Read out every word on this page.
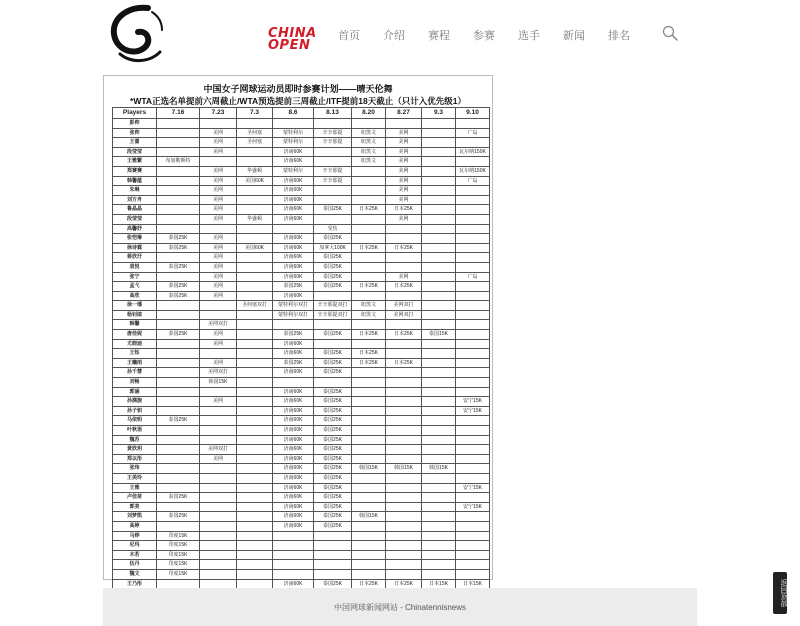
CHINA
OPEN
首页	介绍	赛程	参赛	选手	新闻	排名
中国女子网球运动员即时参赛计划——晴天伦舞
*WTA正选名单提前六周截止/WTA预选提前三周截止/ITF提前18天截止（只计入优先级1）
Players	7.16	7.23	7.3	8.6	8.13	8.20	8.27	9.3	9.10
彭帅									
张帅		美网	圣何塞	蒙特利尔	辛辛那提	纽黑文	美网		广岛
王蔷		美网	圣何塞	蒙特利尔	辛辛那提	纽黑文	美网		
段莹莹		美网		济南60K		纽黑文	美网		瓦尔纳150K
王雅繁	布加勒斯特			济南60K		纽黑文	美网		
郑赛赛		美网	华盛顿	蒙特利尔	辛辛那提		美网		瓦尔纳150K
韩馨蕴		美网	美国60K	济南60K	辛辛那提		美网		广岛
朱琳		美网		济南60K			美网		
刘方舟		美网		济南60K			美网		
鲁晶晶		美网		济南60K	泰国25K	日本25K	日本25K		
段莹莹		美网	华盛顿	济南60K			美网		
高馨妤					受伤				
张恺琳	泰国25K	美网		济南60K	泰国25K				
徐诗霖	泰国25K	美网	美国60K	济南60K	加拿大100K	日本25K	日本25K		
蒋欣玗		美网		济南60K	泰国25K				
袁悦	泰国25K	美网		济南60K	泰国25K				
张宁		美网		济南60K	泰国25K		美网		广岛
孟弋	泰国25K	美网		泰国25K	泰国25K	日本25K	日本25K		
高欣	泰国25K	美网		济南60K					
徐一璠			圣何塞双打	蒙特利尔双打	辛辛那提双打	纽黑文	美网双打		
杨钊煊				蒙特利尔双打	辛辛那提双打	纽黑文	美网双打		
韩馨		美网双打							
唐佳妮	泰国25K	美网		泰国25K	泰国25K	日本25K	日本25K	泰国15K	
尤晓迪		美网		济南60K					
王钰				济南60K	泰国25K	日本25K			
王曦雨		美网		泰国25K	泰国25K	日本25K	日本25K		
孙千慧		美网双打		济南60K	泰国25K				
刘畅		韩国15K							
郭涵				济南60K	泰国25K				
孙旖旎		美网		济南60K	泰国25K				安宁15K
孙子钥				济南60K	泰国25K				安宁15K
马依明	泰国25K			济南60K	泰国25K				
叶秋语				济南60K	泰国25K				
魏苏				济南60K	泰国25K				
黄欣玥		美网双打		济南60K	泰国25K				
郑以彤		美网		济南60K	泰国25K				
张玮				济南60K	泰国25K	韩国15K	韩国15K	韩国15K	
王美玲				济南60K	泰国25K				
王雅				济南60K	泰国25K				安宁15K
卢佳苗	泰国25K			济南60K	泰国25K				
郭美				济南60K	泰国25K				安宁15K
刘梦凯	泰国25K			济南60K	泰国25K	韩国15K			
高婷				济南60K	泰国25K				
马烨	印度15K								
尼玛	印度15K								
木若	印度15K								
伍丹	印度15K								
魏文	印度15K								
王乃彤				济南60K	泰国25K	日本25K	日本25K	日本15K	日本15K
中国网球新闻网站 - Chinatennisnews
返回顶部
